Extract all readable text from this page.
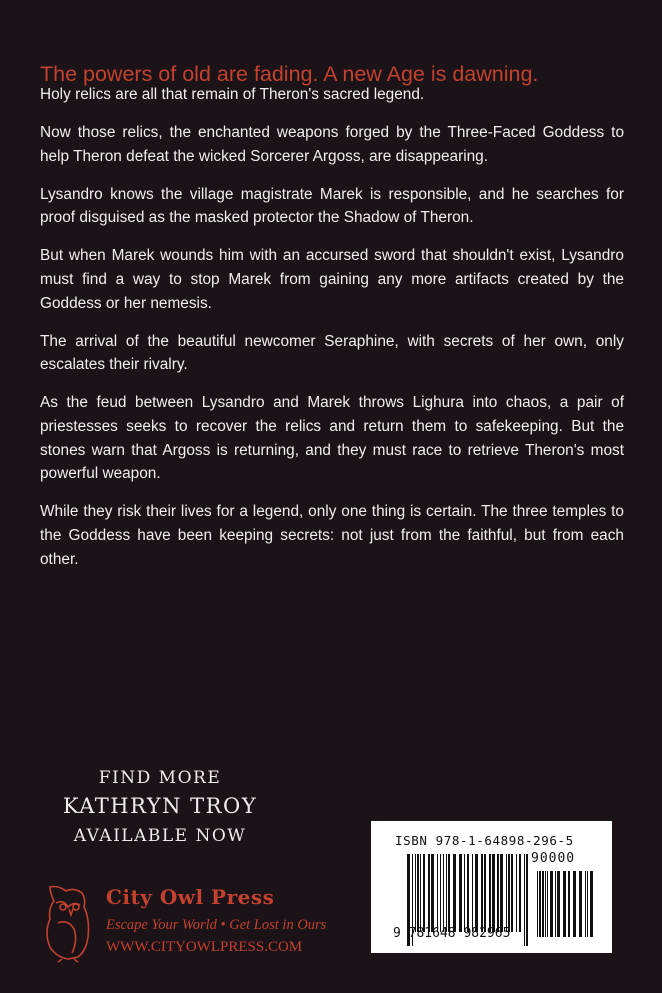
The powers of old are fading. A new Age is dawning.

Holy relics are all that remain of Theron's sacred legend.

Now those relics, the enchanted weapons forged by the Three-Faced Goddess to help Theron defeat the wicked Sorcerer Argoss, are disappearing.

Lysandro knows the village magistrate Marek is responsible, and he searches for proof disguised as the masked protector the Shadow of Theron.

But when Marek wounds him with an accursed sword that shouldn't exist, Lysandro must find a way to stop Marek from gaining any more artifacts created by the Goddess or her nemesis.

The arrival of the beautiful newcomer Seraphine, with secrets of her own, only escalates their rivalry.

As the feud between Lysandro and Marek throws Lighura into chaos, a pair of priestesses seeks to recover the relics and return them to safekeeping. But the stones warn that Argoss is returning, and they must race to retrieve Theron's most powerful weapon.

While they risk their lives for a legend, only one thing is certain. The three temples to the Goddess have been keeping secrets: not just from the faithful, but from each other.

FIND MORE
KATHRYN TROY
AVAILABLE NOW
City Owl Press
Escape Your World • Get Lost in Ours
WWW.CITYOWLPRESS.COM
ISBN 978-1-64898-296-5
90000
9 781648 982965
